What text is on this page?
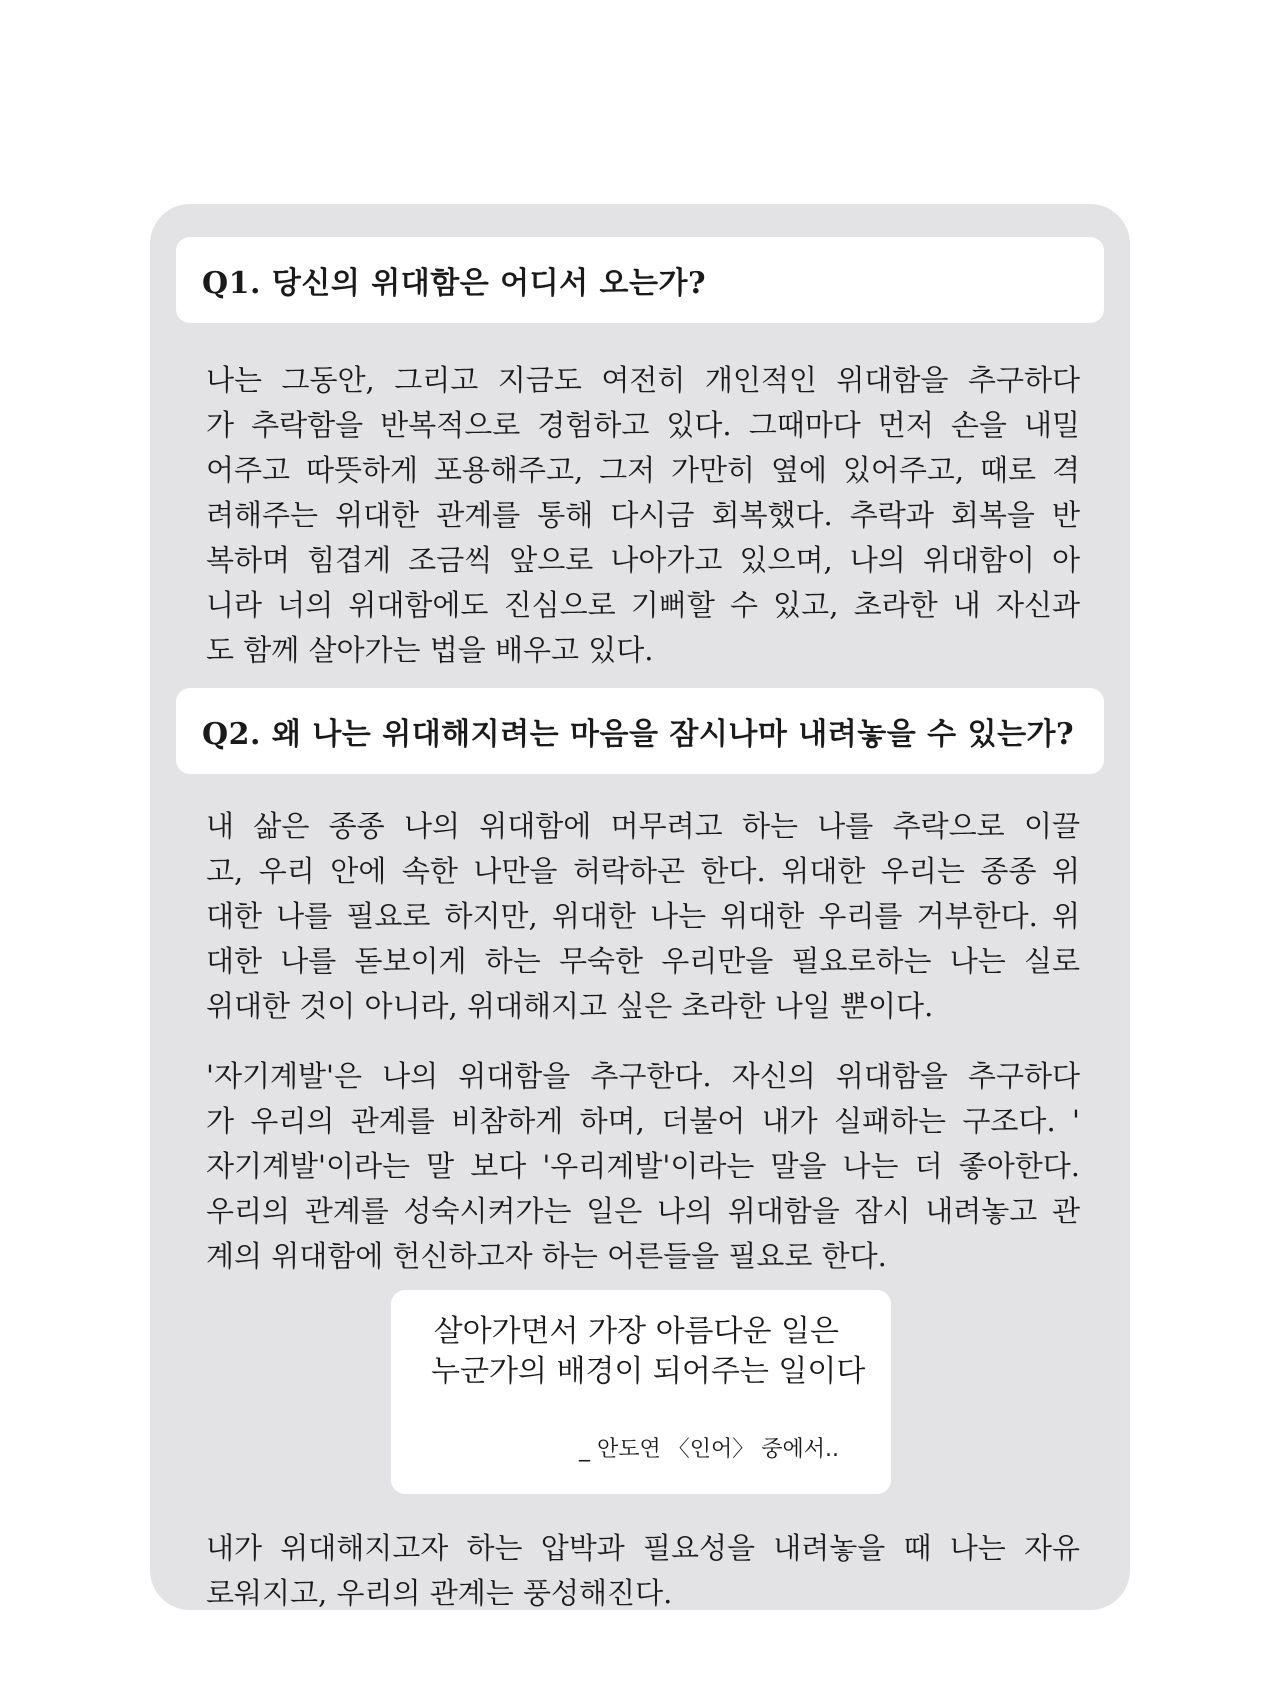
Q1. 당신의 위대함은 어디서 오는가?

나는 그동안, 그리고 지금도 여전히 개인적인 위대함을 추구하다
가 추락함을 반복적으로 경험하고 있다. 그때마다 먼저 손을 내밀
어주고 따뜻하게 포용해주고, 그저 가만히 옆에 있어주고, 때로 격
려해주는 위대한 관계를 통해 다시금 회복했다. 추락과 회복을 반
복하며 힘겹게 조금씩 앞으로 나아가고 있으며, 나의 위대함이 아
니라 너의 위대함에도 진심으로 기뻐할 수 있고, 초라한 내 자신과
도 함께 살아가는 법을 배우고 있다.

Q2. 왜 나는 위대해지려는 마음을 잠시나마 내려놓을 수 있는가?

내 삶은 종종 나의 위대함에 머무려고 하는 나를 추락으로 이끌
고, 우리 안에 속한 나만을 허락하곤 한다. 위대한 우리는 종종 위
대한 나를 필요로 하지만, 위대한 나는 위대한 우리를 거부한다. 위
대한 나를 돋보이게 하는 무숙한 우리만을 필요로하는 나는 실로
위대한 것이 아니라, 위대해지고 싶은 초라한 나일 뿐이다.

'자기계발'은 나의 위대함을 추구한다. 자신의 위대함을 추구하다
가 우리의 관계를 비참하게 하며, 더불어 내가 실패하는 구조다. '
자기계발'이라는 말 보다 '우리계발'이라는 말을 나는 더 좋아한다.
우리의 관계를 성숙시켜가는 일은 나의 위대함을 잠시 내려놓고 관
계의 위대함에 헌신하고자 하는 어른들을 필요로 한다.

살아가면서 가장 아름다운 일은
누군가의 배경이 되어주는 일이다
_ 안도연 〈인어〉 중에서..

내가 위대해지고자 하는 압박과 필요성을 내려놓을 때 나는 자유
로워지고, 우리의 관계는 풍성해진다.
